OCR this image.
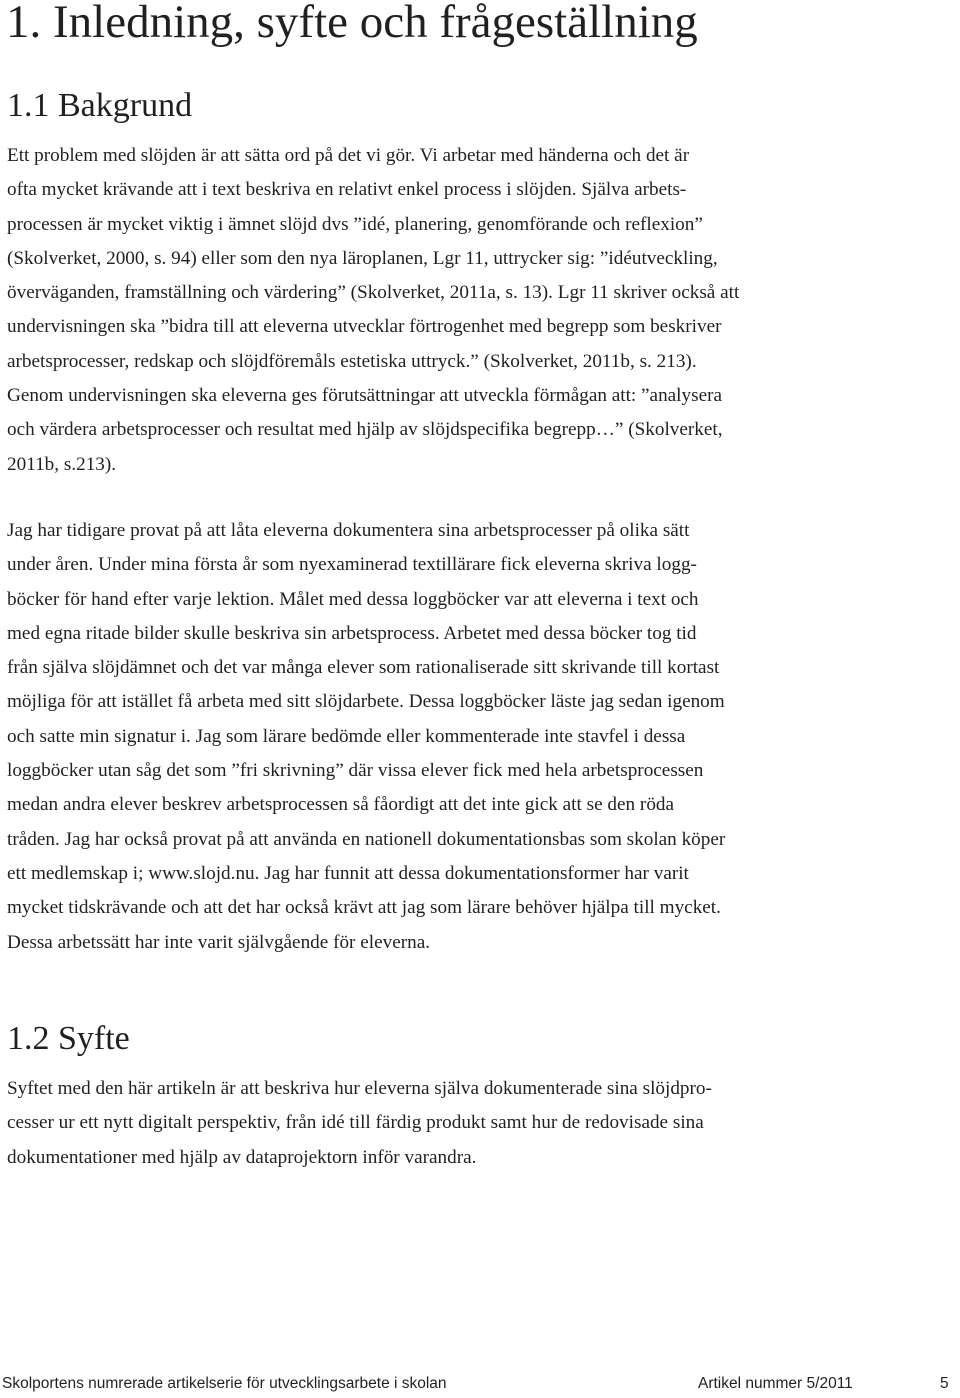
1. Inledning, syfte och frågeställning
1.1 Bakgrund

Ett problem med slöjden är att sätta ord på det vi gör. Vi arbetar med händerna och det är
ofta mycket krävande att i text beskriva en relativt enkel process i slöjden. Själva arbets-
processen är mycket viktig i ämnet slöjd dvs ”idé, planering, genomförande och reflexion”
(Skolverket, 2000, s. 94) eller som den nya läroplanen, Lgr 11, uttrycker sig: ”idéutveckling,
överväganden, framställning och värdering” (Skolverket, 2011a, s. 13). Lgr 11 skriver också att
undervisningen ska ”bidra till att eleverna utvecklar förtrogenhet med begrepp som beskriver
arbetsprocesser, redskap och slöjdföremåls estetiska uttryck.” (Skolverket, 2011b, s. 213).
Genom undervisningen ska eleverna ges förutsättningar att utveckla förmågan att: ”analysera
och värdera arbetsprocesser och resultat med hjälp av slöjdspecifika begrepp…” (Skolverket,
2011b, s.213).

Jag har tidigare provat på att låta eleverna dokumentera sina arbetsprocesser på olika sätt
under åren. Under mina första år som nyexaminerad textillärare fick eleverna skriva logg-
böcker för hand efter varje lektion. Målet med dessa loggböcker var att eleverna i text och
med egna ritade bilder skulle beskriva sin arbetsprocess. Arbetet med dessa böcker tog tid
från själva slöjdämnet och det var många elever som rationaliserade sitt skrivande till kortast
möjliga för att istället få arbeta med sitt slöjdarbete. Dessa loggböcker läste jag sedan igenom
och satte min signatur i. Jag som lärare bedömde eller kommenterade inte stavfel i dessa
loggböcker utan såg det som ”fri skrivning” där vissa elever fick med hela arbetsprocessen
medan andra elever beskrev arbetsprocessen så fåordigt att det inte gick att se den röda
tråden. Jag har också provat på att använda en nationell dokumentationsbas som skolan köper
ett medlemskap i; www.slojd.nu. Jag har funnit att dessa dokumentationsformer har varit
mycket tidskrävande och att det har också krävt att jag som lärare behöver hjälpa till mycket.
Dessa arbetssätt har inte varit självgående för eleverna.

1.2 Syfte

Syftet med den här artikeln är att beskriva hur eleverna själva dokumenterade sina slöjdpro-
cesser ur ett nytt digitalt perspektiv, från idé till färdig produkt samt hur de redovisade sina
dokumentationer med hjälp av dataprojektorn inför varandra.

Skolportens numrerade artikelserie för utvecklingsarbete i skolan	Artikel nummer 5/2011	5
